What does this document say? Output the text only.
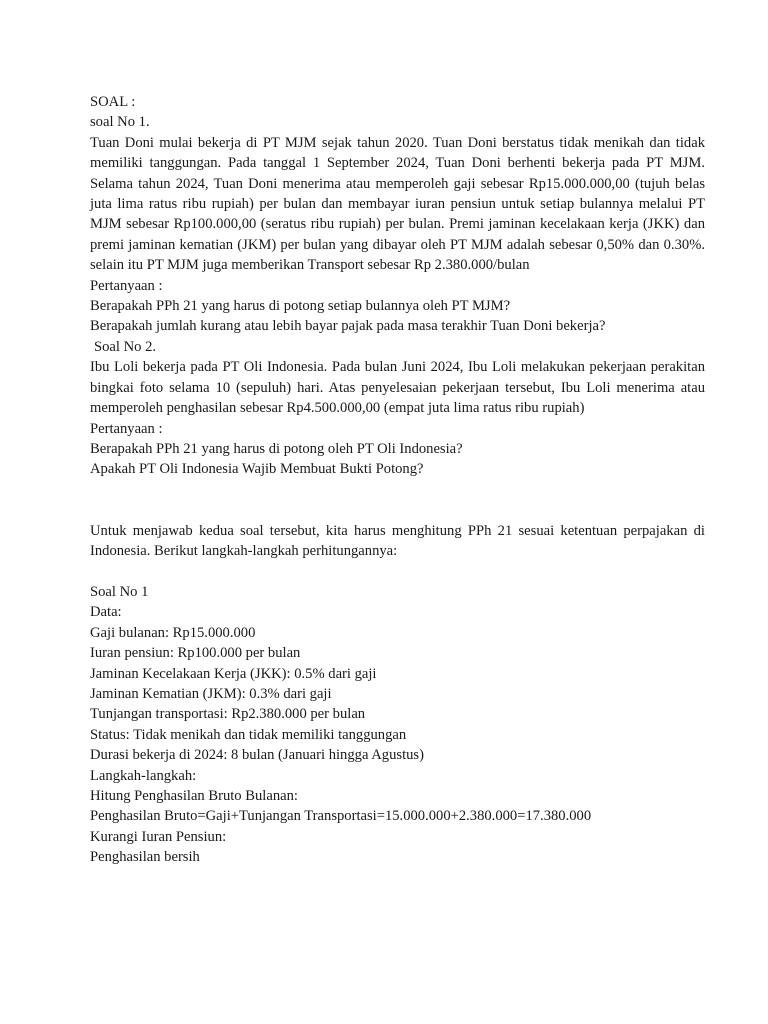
SOAL :
soal No 1.
Tuan Doni mulai bekerja di PT MJM sejak tahun 2020. Tuan Doni berstatus tidak menikah dan tidak memiliki tanggungan. Pada tanggal 1 September 2024, Tuan Doni berhenti bekerja pada PT MJM. Selama tahun 2024, Tuan Doni menerima atau memperoleh gaji sebesar Rp15.000.000,00 (tujuh belas juta lima ratus ribu rupiah) per bulan dan membayar iuran pensiun untuk setiap bulannya melalui PT MJM sebesar Rp100.000,00 (seratus ribu rupiah) per bulan. Premi jaminan kecelakaan kerja (JKK) dan premi jaminan kematian (JKM) per bulan yang dibayar oleh PT MJM adalah sebesar 0,50% dan 0.30%. selain itu PT MJM juga memberikan Transport sebesar Rp 2.380.000/bulan
Pertanyaan :
Berapakah PPh 21 yang harus di potong setiap bulannya oleh PT MJM?
Berapakah jumlah kurang atau lebih bayar pajak pada masa terakhir Tuan Doni bekerja?
Soal No 2.
Ibu Loli bekerja pada PT Oli Indonesia. Pada bulan Juni 2024, Ibu Loli melakukan pekerjaan perakitan bingkai foto selama 10 (sepuluh) hari. Atas penyelesaian pekerjaan tersebut, Ibu Loli menerima atau memperoleh penghasilan sebesar Rp4.500.000,00 (empat juta lima ratus ribu rupiah)
Pertanyaan :
Berapakah PPh 21 yang harus di potong oleh PT Oli Indonesia?
Apakah PT Oli Indonesia Wajib Membuat Bukti Potong?
Untuk menjawab kedua soal tersebut, kita harus menghitung PPh 21 sesuai ketentuan perpajakan di Indonesia. Berikut langkah-langkah perhitungannya:
Soal No 1
Data:
Gaji bulanan: Rp15.000.000
Iuran pensiun: Rp100.000 per bulan
Jaminan Kecelakaan Kerja (JKK): 0.5% dari gaji
Jaminan Kematian (JKM): 0.3% dari gaji
Tunjangan transportasi: Rp2.380.000 per bulan
Status: Tidak menikah dan tidak memiliki tanggungan
Durasi bekerja di 2024: 8 bulan (Januari hingga Agustus)
Langkah-langkah:
Hitung Penghasilan Bruto Bulanan:
Penghasilan Bruto=Gaji+Tunjangan Transportasi=15.000.000+2.380.000=17.380.000
Kurangi Iuran Pensiun:
Penghasilan bersih
